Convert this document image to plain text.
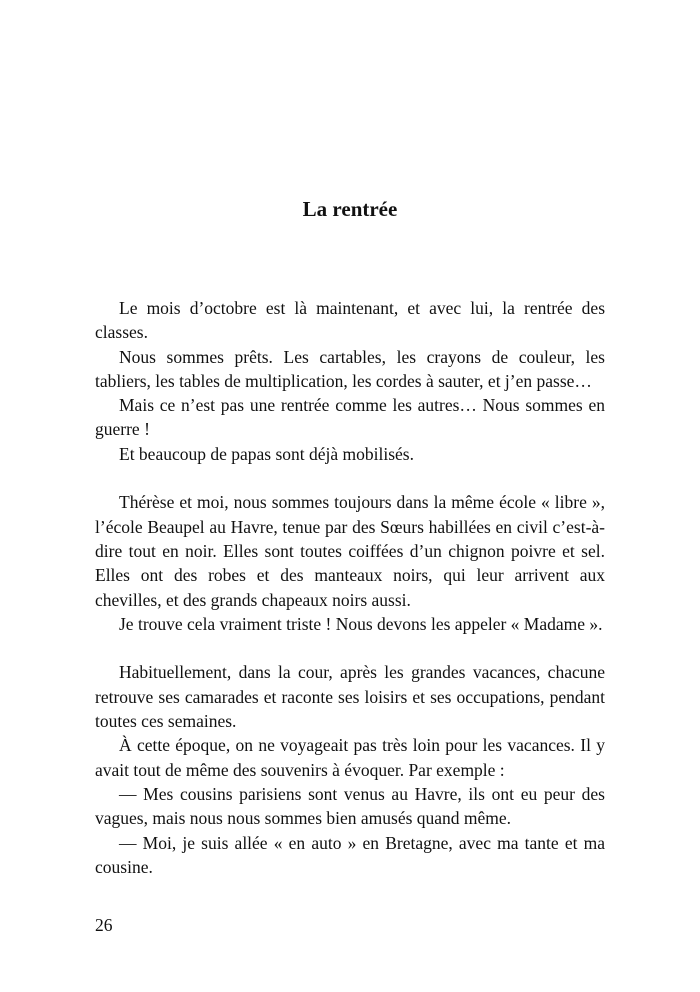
La rentrée

Le mois d’octobre est là maintenant, et avec lui, la rentrée des classes.

Nous sommes prêts. Les cartables, les crayons de couleur, les tabliers, les tables de multiplication, les cordes à sauter, et j’en passe…

Mais ce n’est pas une rentrée comme les autres… Nous sommes en guerre !

Et beaucoup de papas sont déjà mobilisés.

Thérèse et moi, nous sommes toujours dans la même école « libre », l’école Beaupel au Havre, tenue par des Sœurs habillées en civil c’est-à-dire tout en noir. Elles sont toutes coiffées d’un chignon poivre et sel. Elles ont des robes et des manteaux noirs, qui leur arrivent aux chevilles, et des grands chapeaux noirs aussi.

Je trouve cela vraiment triste ! Nous devons les appeler « Madame ».

Habituellement, dans la cour, après les grandes vacances, chacune retrouve ses camarades et raconte ses loisirs et ses occupations, pendant toutes ces semaines.

À cette époque, on ne voyageait pas très loin pour les vacances. Il y avait tout de même des souvenirs à évoquer. Par exemple :

— Mes cousins parisiens sont venus au Havre, ils ont eu peur des vagues, mais nous nous sommes bien amusés quand même.

— Moi, je suis allée « en auto » en Bretagne, avec ma tante et ma cousine.

26
